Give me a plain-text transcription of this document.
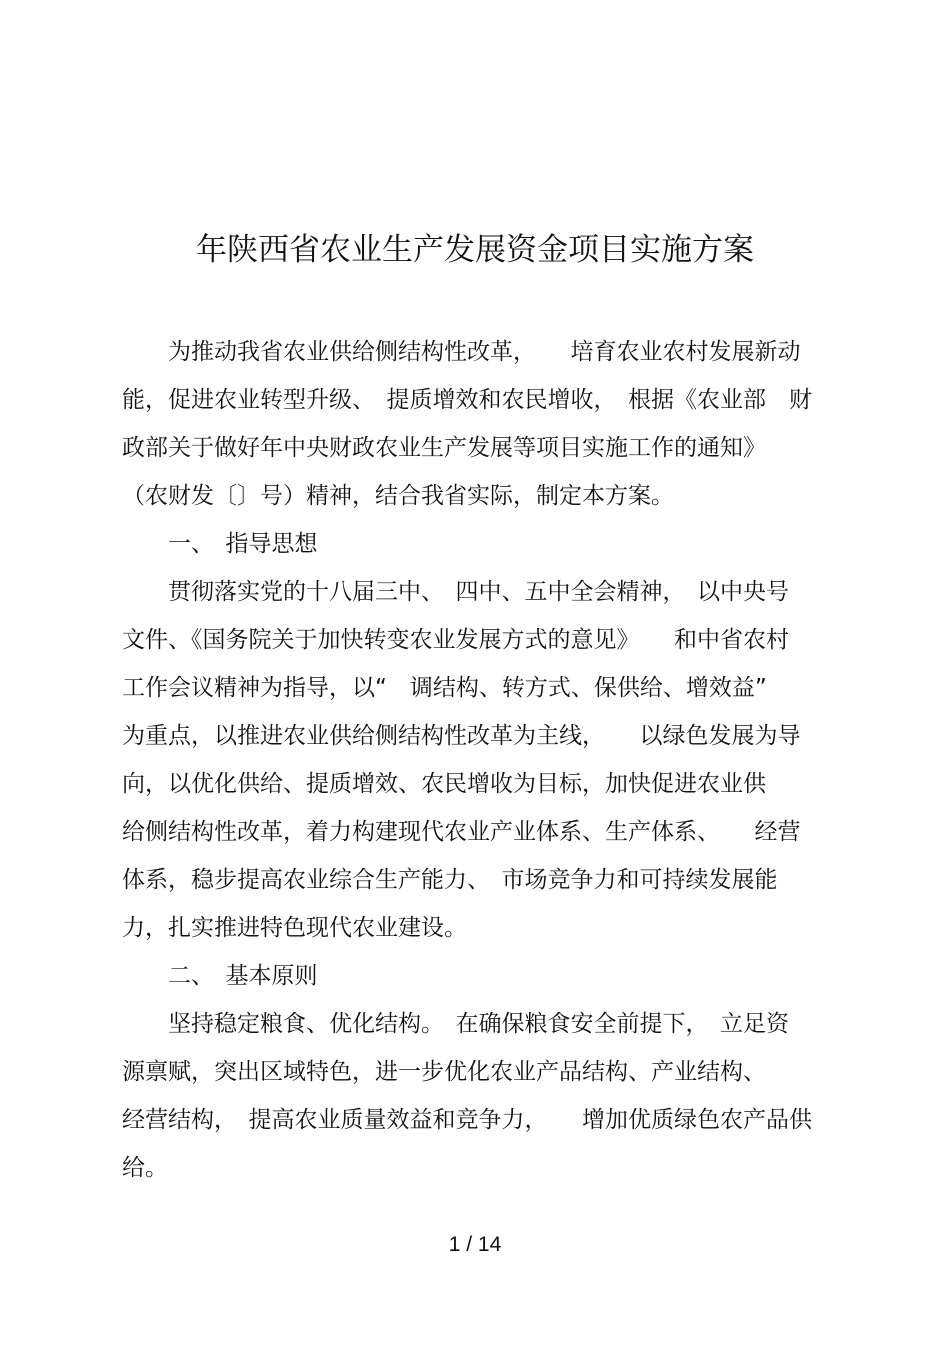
年陕西省农业生产发展资金项目实施方案
　　为推动我省农业供给侧结构性改革，　　培育农业农村发展新动
能，促进农业转型升级、　提质增效和农民增收，　根据《农业部　财
政部关于做好年中央财政农业生产发展等项目实施工作的通知》
（农财发〔〕号）精神，结合我省实际，制定本方案。
　　一、　指导思想
　　贯彻落实党的十八届三中、　四中、五中全会精神，　以中央号
文件、《国务院关于加快转变农业发展方式的意见》　　和中省农村
工作会议精神为指导，以“　调结构、转方式、保供给、增效益”
为重点，以推进农业供给侧结构性改革为主线，　　以绿色发展为导
向，以优化供给、提质增效、农民增收为目标，加快促进农业供
给侧结构性改革，着力构建现代农业产业体系、生产体系、　　经营
体系，稳步提高农业综合生产能力、　市场竞争力和可持续发展能
力，扎实推进特色现代农业建设。
　　二、　基本原则
　　坚持稳定粮食、优化结构。　在确保粮食安全前提下，　立足资
源禀赋，突出区域特色，进一步优化农业产品结构、产业结构、
经营结构，　提高农业质量效益和竞争力，　　增加优质绿色农产品供
给。
1 / 14
